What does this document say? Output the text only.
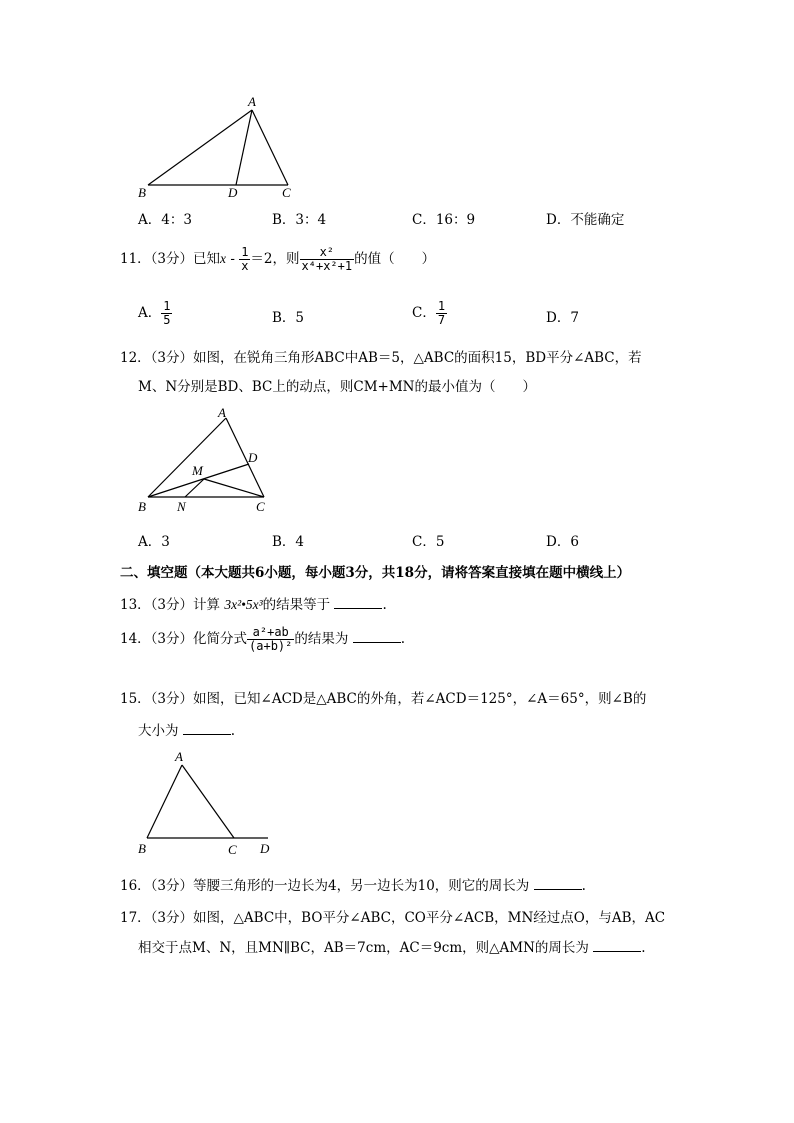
A
B	D	C
A．4：3	B．3：4	C．16：9	D．不能确定
11．（3分）已知$x - \frac{1}{x} =2$，则 $\frac{\text{x²}}{\text{x⁴+x²+1}}$ 的值（　　）
A． $\frac{1}{5}$	B．5	C． $\frac{1}{7}$	D．7
12．（3分）如图，在锐角三角形ABC中AB＝5，△ABC的面积15，BD平分∠ABC，若
M、N分别是BD、BC上的动点，则CM+MN的最小值为（　　）
A
D
M
B N	C
A．3	B．4	C．5	D．6
二、填空题（本大题共6小题，每小题3分，共18分，请将答案直接填在题中横线上）
13．（3分）计算 3x²•5x³的结果等于	.
14．（3分）化简分式 $\frac{\text{a²+ab}}{\text{(a+b)²}}$ 的结果为	.
15．（3分）如图，已知∠ACD是△ABC的外角，若∠ACD＝125°，∠A＝65°，则∠B的
大小为	.
A
B	C D
16．（3分）等腰三角形的一边长为4，另一边长为10，则它的周长为	.
17．（3分）如图，△ABC中，BO平分∠ABC，CO平分∠ACB，MN经过点O，与AB，AC
相交于点M、N，且MN∥BC，AB＝7cm，AC＝9cm，则△AMN的周长为	.
